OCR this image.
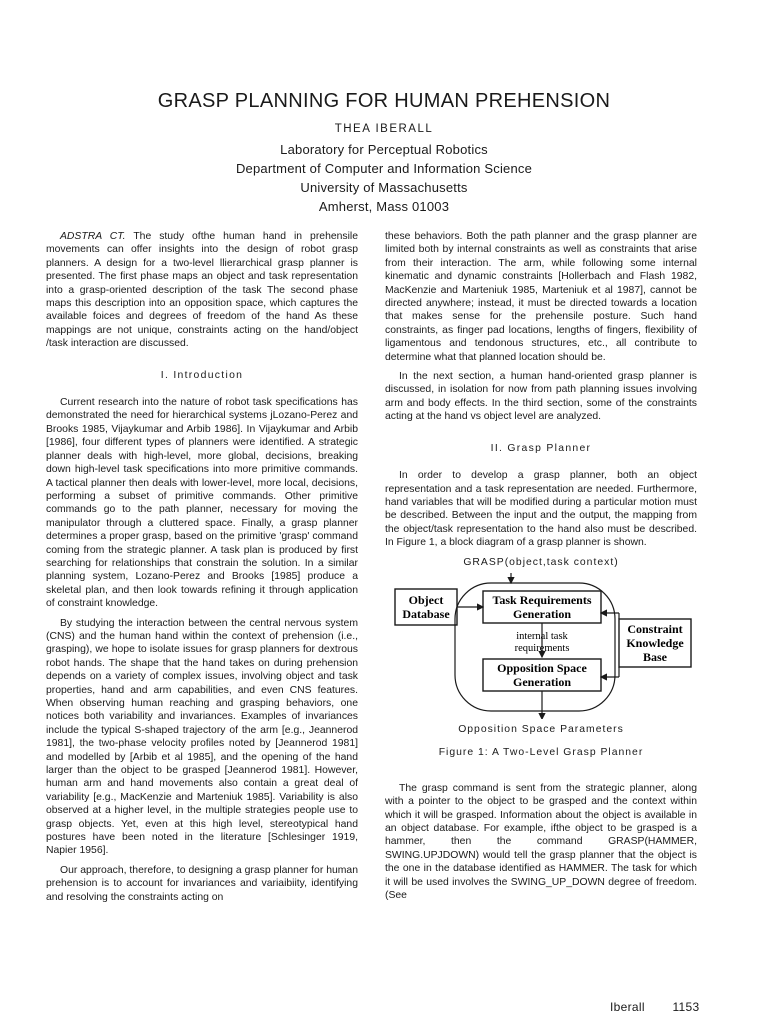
GRASP PLANNING FOR HUMAN PREHENSION
THEA IBERALL
Laboratory for Perceptual Robotics
Department of Computer and Information Science
University of Massachusetts
Amherst, Mass 01003

ADSTRA CT. The study ofthe human hand in prehensile movements can offer insights into the design of robot grasp planners. A design for a two-level llierarchical grasp planner is presented. The first phase maps an object and task representation into a grasp-oriented description of the task The second phase maps this description into an opposition space, which captures the available foices and degrees of freedom of the hand As these mappings are not unique, constraints acting on the hand/object /task interaction are discussed.

I. Introduction

Current research into the nature of robot task specifications has demonstrated the need for hierarchical systems jLozano-Perez and Brooks 1985, Vijaykumar and Arbib 1986]. In Vijaykumar and Arbib [1986], four different types of planners were identified. A strategic planner deals with high-level, more global, decisions, breaking down high-level task specifications into more primitive commands. A tactical planner then deals with lower-level, more local, decisions, performing a subset of primitive commands. Other primitive commands go to the path planner, necessary for moving the manipulator through a cluttered space. Finally, a grasp planner determines a proper grasp, based on the primitive 'grasp' command coming from the strategic planner. A task plan is produced by first searching for relationships that constrain the solution. In a similar planning system, Lozano-Perez and Brooks [1985] produce a skeletal plan, and then look towards refining it through application of constraint knowledge.

By studying the interaction between the central nervous system (CNS) and the human hand within the context of prehension (i.e., grasping), we hope to isolate issues for grasp planners for dextrous robot hands. The shape that the hand takes on during prehension depends on a variety of complex issues, involving object and task properties, hand and arm capabilities, and even CNS features. When observing human reaching and grasping behaviors, one notices both variability and invariances. Examples of invariances include the typical S-shaped trajectory of the arm [e.g., Jeannerod 1981], the two-phase velocity profiles noted by [Jeannerod 1981] and modelled by [Arbib et al 1985], and the opening of the hand larger than the object to be grasped [Jeannerod 1981]. However, human arm and hand movements also contain a great deal of variability [e.g., MacKenzie and Marteniuk 1985]. Variability is also observed at a higher level, in the multiple strategies people use to grasp objects. Yet, even at this high level, stereotypical hand postures have been noted in the literature [Schlesinger 1919, Napier 1956].

Our approach, therefore, to designing a grasp planner for human prehension is to account for invariances and variaibiity, identifying and resolving the constraints acting on

these behaviors. Both the path planner and the grasp planner are limited both by internal constraints as well as constraints that arise from their interaction. The arm, while following some internal kinematic and dynamic constraints [Hollerbach and Flash 1982, MacKenzie and Marteniuk 1985, Marteniuk et al 1987], cannot be directed anywhere; instead, it must be directed towards a location that makes sense for the prehensile posture. Such hand constraints, as finger pad locations, lengths of fingers, flexibility of ligamentous and tendonous structures, etc., all contribute to determine what that planned location should be.

In the next section, a human hand-oriented grasp planner is discussed, in isolation for now from path planning issues involving arm and body effects. In the third section, some of the constraints acting at the hand vs object level are analyzed.

II. Grasp Planner

In order to develop a grasp planner, both an object representation and a task representation are needed. Furthermore, hand variables that will be modified during a particular motion must be described. Between the input and the output, the mapping from the object/task representation to the hand also must be described. In Figure 1, a block diagram of a grasp planner is shown.

GRASP(object,task context)
Object
Database
Task Requirements
Generation
internal task
requirements
Opposition Space
Generation
Constraint
Knowledge
Base
Opposition Space Parameters
Figure 1: A Two-Level Grasp Planner

The grasp command is sent from the strategic planner, along with a pointer to the object to be grasped and the context within which it will be grasped. Information about the object is available in an object database. For example, ifthe object to be grasped is a hammer, then the command GRASP(HAMMER, SWING.UPJDOWN) would tell the grasp planner that the object is the one in the database identified as HAMMER. The task for which it will be used involves the SWING_UP_DOWN degree of freedom. (See

Iberall 1153
